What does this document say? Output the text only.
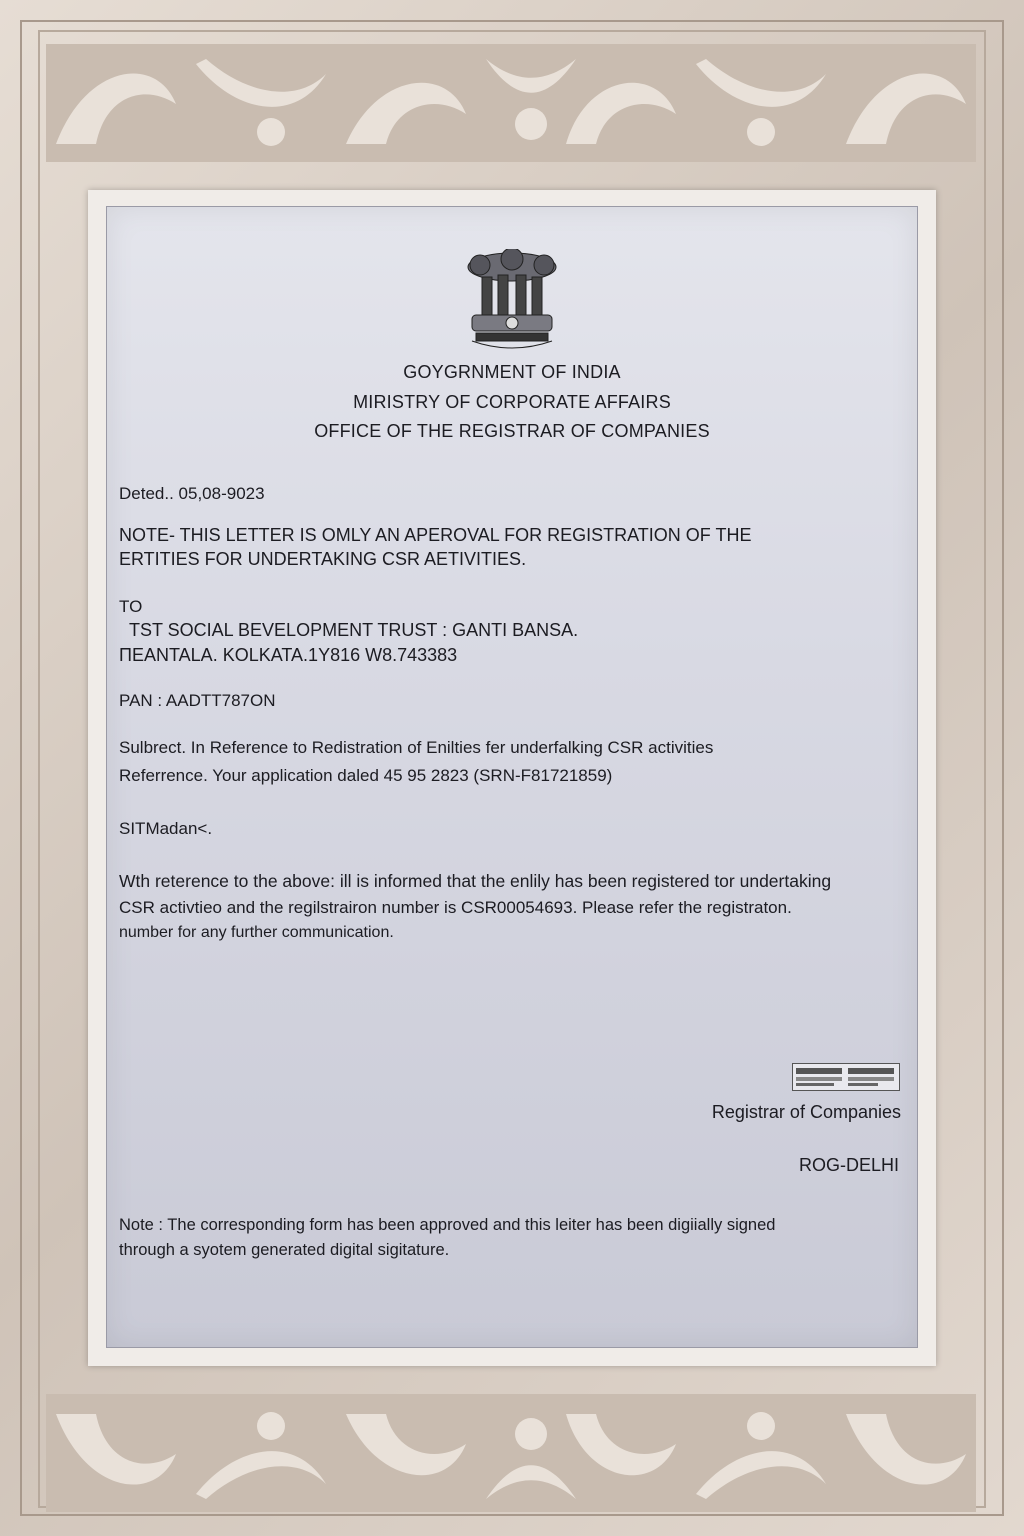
GOYGRNMENT OF INDIA
MIRISTRY OF CORPORATE AFFAIRS
OFFICE OF THE REGISTRAR OF COMPANIES
Deted.. 05,08-9023
NOTE- THIS LETTER IS OMLY AN APEROVAL FOR REGISTRATION OF THE
ERTITIES FOR UNDERTAKING CSR AETIVITIES.
TO
TST SOCIAL BEVELOPMENT TRUST : GANTI BANSA.
ΠEANTALA. KOLKATA.1Y816 W8.743383
PAN : AADTT787ON
Sulbrect. In Reference to Redistration of Enilties fer underfalking CSR activities
Referrence. Your application daled 45 95 2823 (SRN-F81721859)
SITMadan<.
Wth reterence to the above: ill is informed that the enlily has been registered tor undertaking
CSR activtieo and the regilstrairon number is CSR00054693. Please refer the registraton.
number for any further communication.
Registrar of Companies
ROG-DELHI
Note : The corresponding form has been approved and this leiter has been digiially signed
through a syotem generated digital sigitature.
